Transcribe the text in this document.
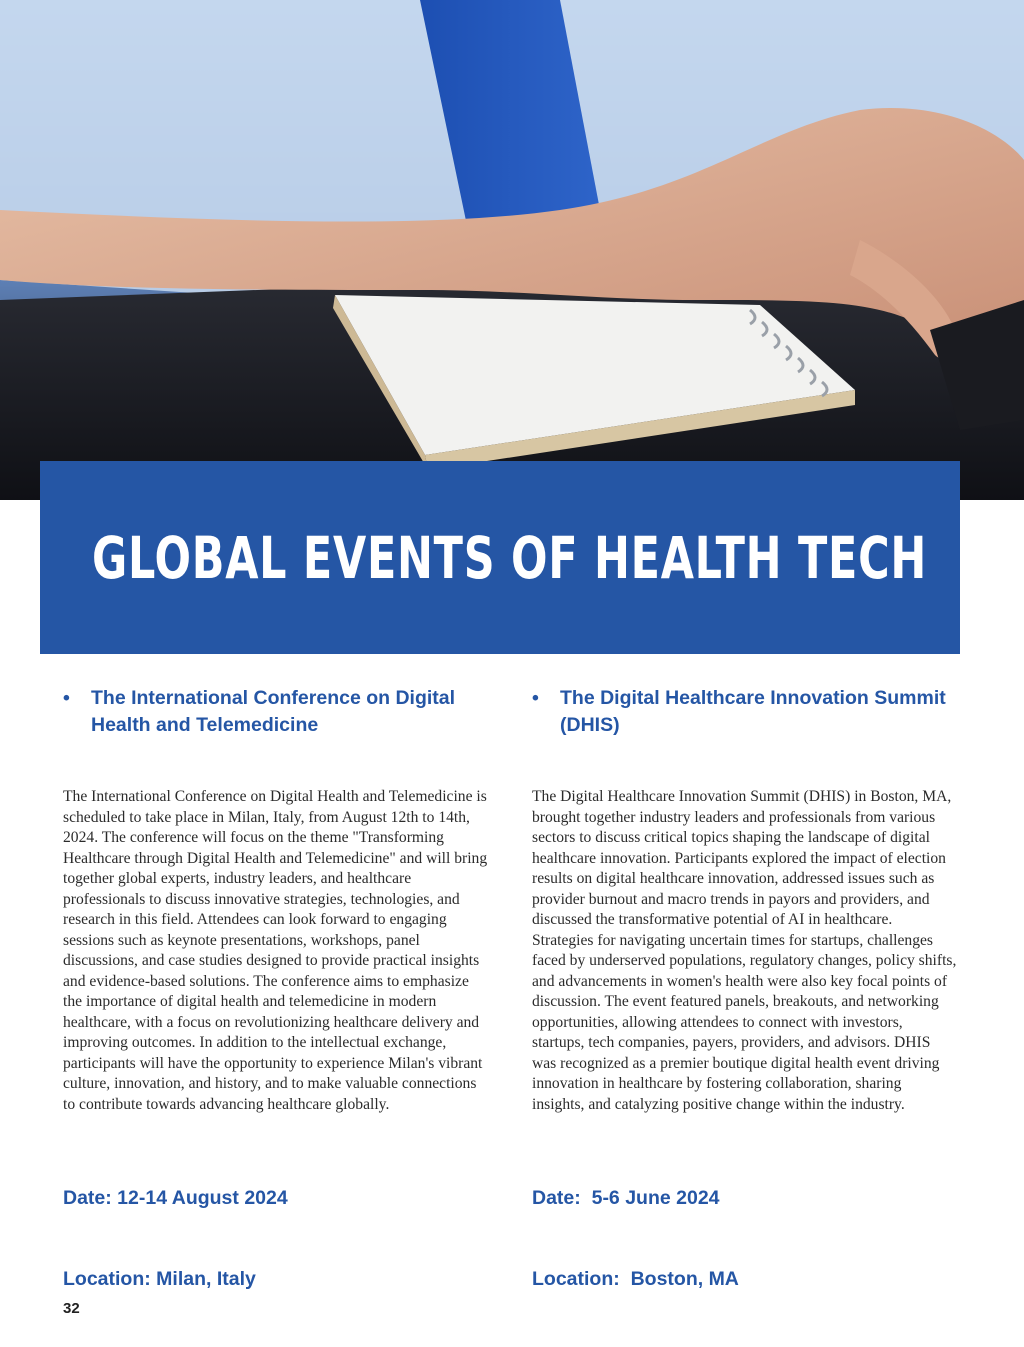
GLOBAL EVENTS OF HEALTH TECH
• The International Conference on Digital Health and Telemedicine

The International Conference on Digital Health and Telemedicine is scheduled to take place in Milan, Italy, from August 12th to 14th, 2024. The conference will focus on the theme "Transforming Healthcare through Digital Health and Telemedicine" and will bring together global experts, industry leaders, and healthcare professionals to discuss innovative strategies, technologies, and research in this field. Attendees can look forward to engaging sessions such as keynote presentations, workshops, panel discussions, and case studies designed to provide practical insights and evidence-based solutions. The conference aims to emphasize the importance of digital health and telemedicine in modern healthcare, with a focus on revolutionizing healthcare delivery and improving outcomes. In addition to the intellectual exchange, participants will have the opportunity to experience Milan's vibrant culture, innovation, and history, and to make valuable connections to contribute towards advancing healthcare globally.

Date: 12-14 August 2024

Location: Milan, Italy

• The Digital Healthcare Innovation Summit (DHIS)

The Digital Healthcare Innovation Summit (DHIS) in Boston, MA, brought together industry leaders and professionals from various sectors to discuss critical topics shaping the landscape of digital healthcare innovation. Participants explored the impact of election results on digital healthcare innovation, addressed issues such as provider burnout and macro trends in payors and providers, and discussed the transformative potential of AI in healthcare. Strategies for navigating uncertain times for startups, challenges faced by underserved populations, regulatory changes, policy shifts, and advancements in women's health were also key focal points of discussion. The event featured panels, breakouts, and networking opportunities, allowing attendees to connect with investors, startups, tech companies, payers, providers, and advisors. DHIS was recognized as a premier boutique digital health event driving innovation in healthcare by fostering collaboration, sharing insights, and catalyzing positive change within the industry.

Date:  5-6 June 2024

Location:  Boston, MA

32
